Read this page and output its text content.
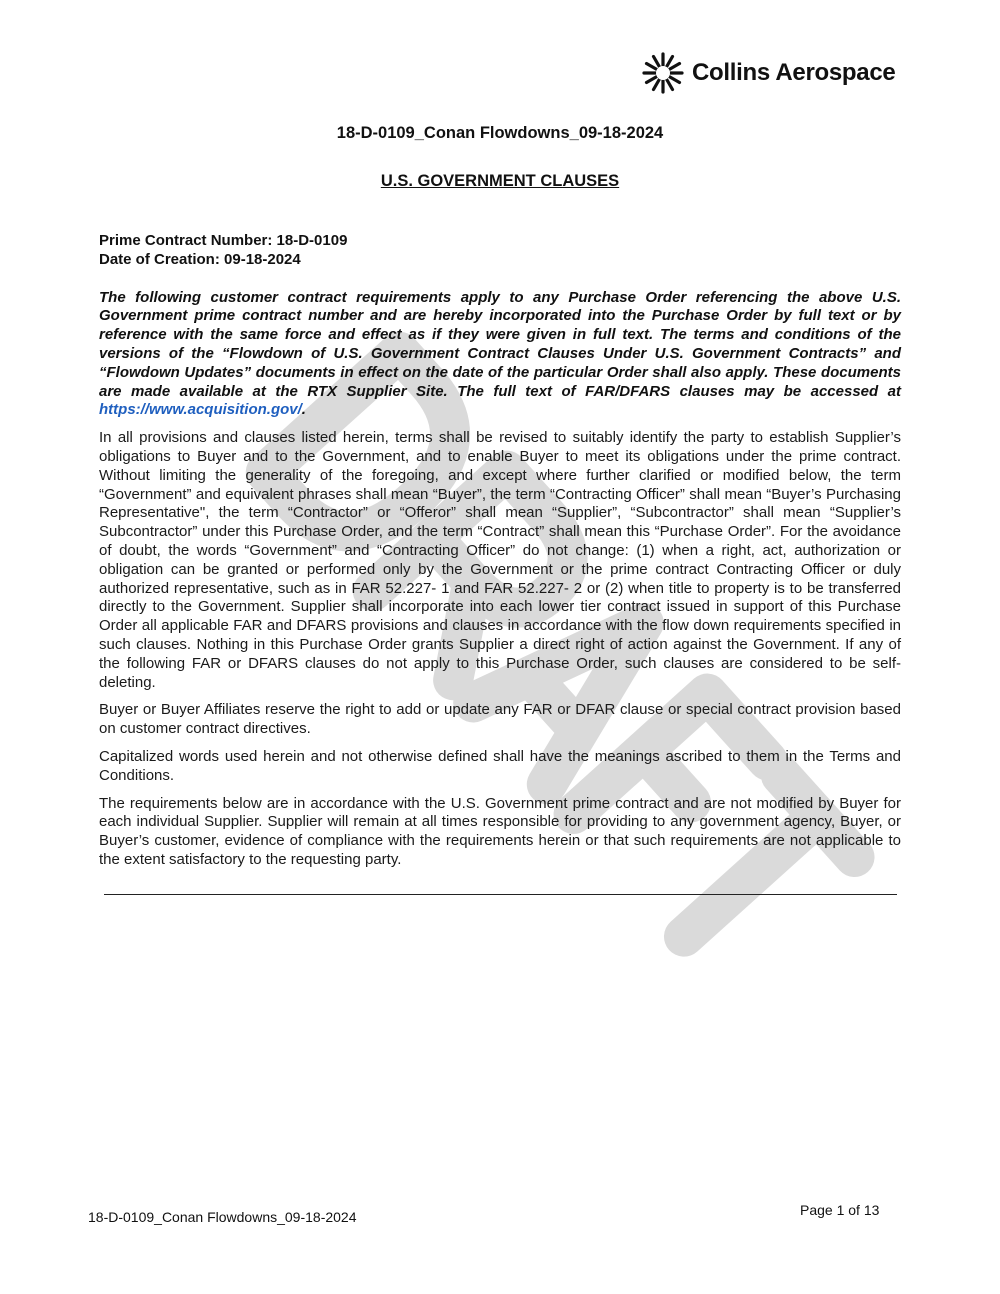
Collins Aerospace
18-D-0109_Conan Flowdowns_09-18-2024
U.S. GOVERNMENT CLAUSES

Prime Contract Number: 18-D-0109

Date of Creation: 09-18-2024

The following customer contract requirements apply to any Purchase Order referencing the above U.S. Government prime contract number and are hereby incorporated into the Purchase Order by full text or by reference with the same force and effect as if they were given in full text. The terms and conditions of the versions of the “Flowdown of U.S. Government Contract Clauses Under U.S. Government Contracts” and “Flowdown Updates” documents in effect on the date of the particular Order shall also apply. These documents are made available at the RTX Supplier Site. The full text of FAR/DFARS clauses may be accessed at https://www.acquisition.gov/.

In all provisions and clauses listed herein, terms shall be revised to suitably identify the party to establish Supplier’s obligations to Buyer and to the Government, and to enable Buyer to meet its obligations under the prime contract. Without limiting the generality of the foregoing, and except where further clarified or modified below, the term “Government” and equivalent phrases shall mean “Buyer”, the term “Contracting Officer” shall mean “Buyer’s Purchasing Representative", the term “Contractor” or “Offeror” shall mean “Supplier”, “Subcontractor” shall mean “Supplier’s Subcontractor” under this Purchase Order, and the term “Contract” shall mean this “Purchase Order”. For the avoidance of doubt, the words “Government” and “Contracting Officer” do not change: (1) when a right, act, authorization or obligation can be granted or performed only by the Government or the prime contract Contracting Officer or duly authorized representative, such as in FAR 52.227- 1 and FAR 52.227- 2 or (2) when title to property is to be transferred directly to the Government. Supplier shall incorporate into each lower tier contract issued in support of this Purchase Order all applicable FAR and DFARS provisions and clauses in accordance with the flow down requirements specified in such clauses. Nothing in this Purchase Order grants Supplier a direct right of action against the Government. If any of the following FAR or DFARS clauses do not apply to this Purchase Order, such clauses are considered to be self-deleting.

Buyer or Buyer Affiliates reserve the right to add or update any FAR or DFAR clause or special contract provision based on customer contract directives.

Capitalized words used herein and not otherwise defined shall have the meanings ascribed to them in the Terms and Conditions.

The requirements below are in accordance with the U.S. Government prime contract and are not modified by Buyer for each individual Supplier. Supplier will remain at all times responsible for providing to any government agency, Buyer, or Buyer’s customer, evidence of compliance with the requirements herein or that such requirements are not applicable to the extent satisfactory to the requesting party.

18-D-0109_Conan Flowdowns_09-18-2024	Page 1 of 13
